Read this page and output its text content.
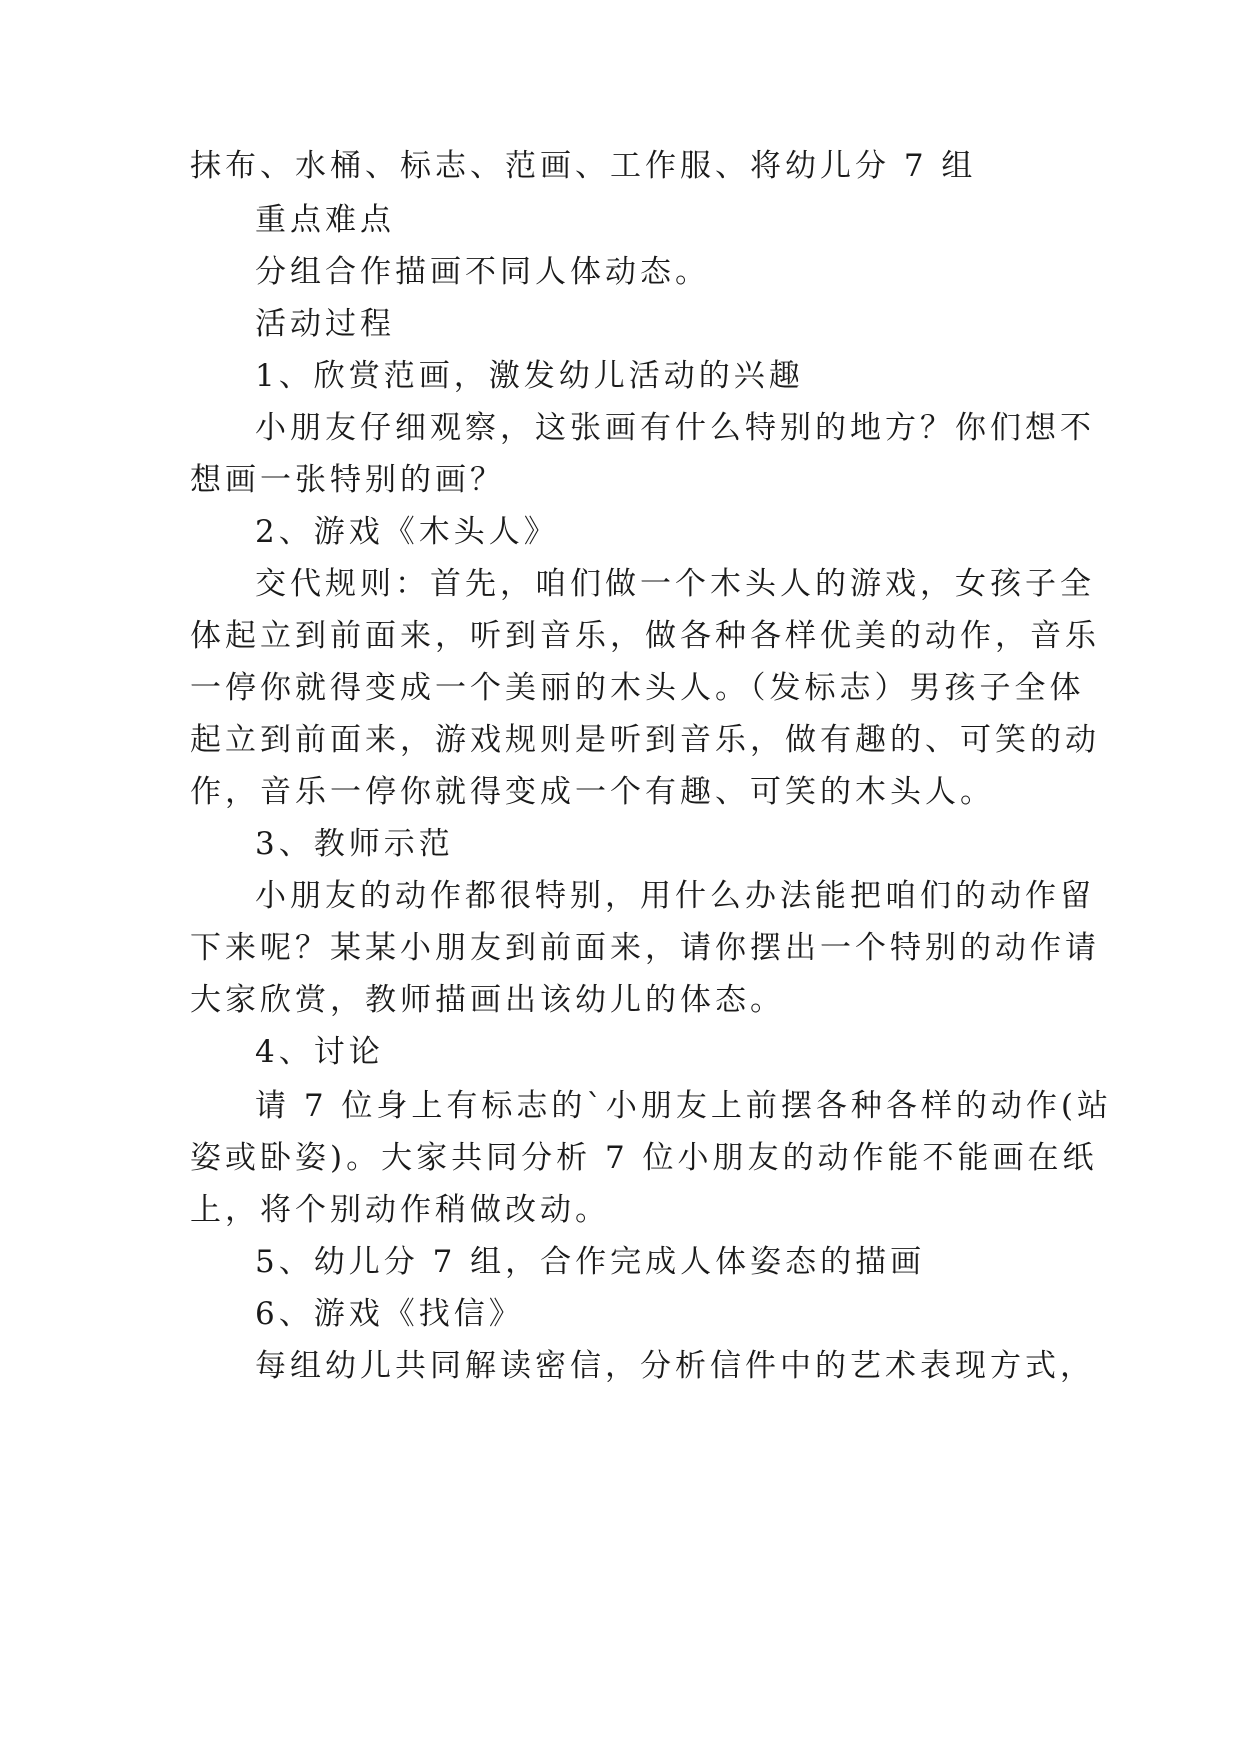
抹布、水桶、标志、范画、工作服、将幼儿分 7 组

重点难点

分组合作描画不同人体动态。

活动过程

1、欣赏范画，激发幼儿活动的兴趣

小朋友仔细观察，这张画有什么特别的地方？你们想不

想画一张特别的画？

2、游戏《木头人》

交代规则：首先，咱们做一个木头人的游戏，女孩子全

体起立到前面来，听到音乐，做各种各样优美的动作，音乐

一停你就得变成一个美丽的木头人。（发标志）男孩子全体

起立到前面来，游戏规则是听到音乐，做有趣的、可笑的动

作，音乐一停你就得变成一个有趣、可笑的木头人。

3、教师示范

小朋友的动作都很特别，用什么办法能把咱们的动作留

下来呢？某某小朋友到前面来，请你摆出一个特别的动作请

大家欣赏，教师描画出该幼儿的体态。

4、讨论

请 7 位身上有标志的`小朋友上前摆各种各样的动作(站

姿或卧姿)。大家共同分析 7 位小朋友的动作能不能画在纸

上，将个别动作稍做改动。

5、幼儿分 7 组，合作完成人体姿态的描画

6、游戏《找信》

每组幼儿共同解读密信，分析信件中的艺术表现方式，
